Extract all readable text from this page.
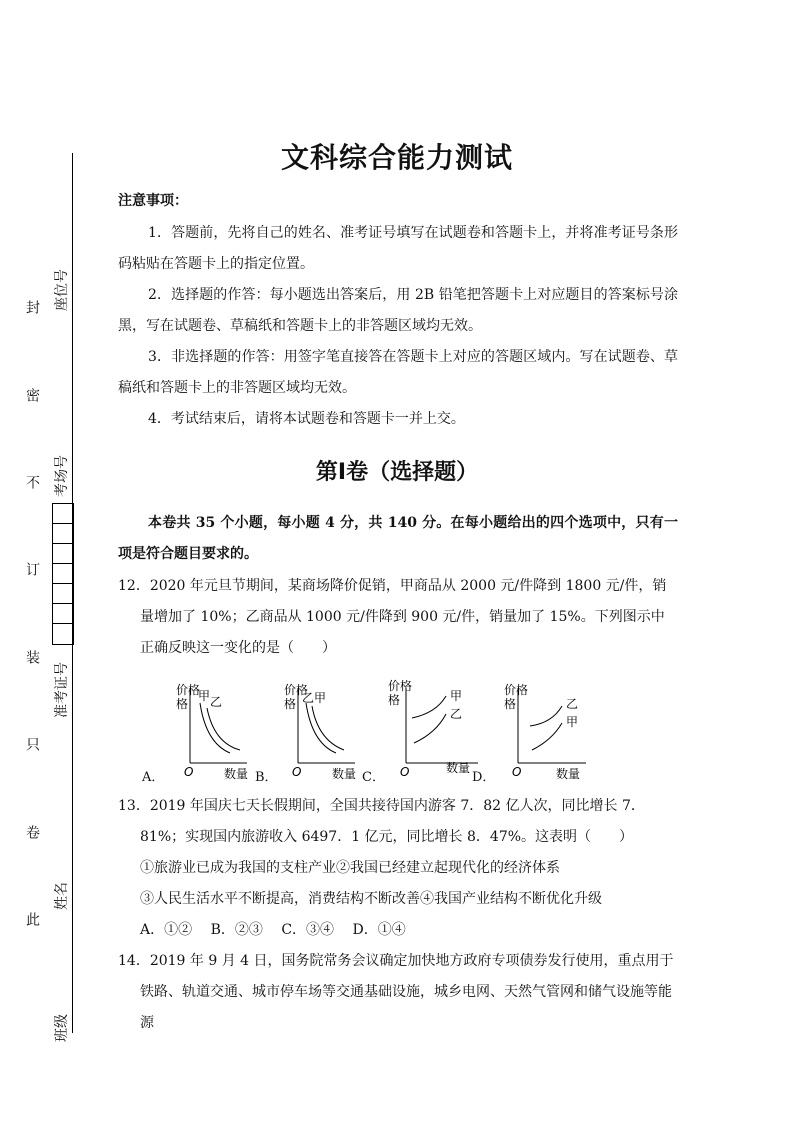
封
密
不
订
装
只
卷
此
座位号
考场号
准考证号
姓名
班级
文科综合能力测试
注意事项：
1．答题前，先将自己的姓名、准考证号填写在试题卷和答题卡上，并将准考证号条形码粘贴在答题卡上的指定位置。
2．选择题的作答：每小题选出答案后，用 2B 铅笔把答题卡上对应题目的答案标号涂黑，写在试题卷、草稿纸和答题卡上的非答题区域均无效。
3．非选择题的作答：用签字笔直接答在答题卡上对应的答题区域内。写在试题卷、草稿纸和答题卡上的非答题区域均无效。
4．考试结束后，请将本试题卷和答题卡一并上交。
第Ⅰ卷（选择题）
本卷共 35 个小题，每小题 4 分，共 140 分。在每小题给出的四个选项中，只有一项是符合题目要求的。
12．2020 年元旦节期间，某商场降价促销，甲商品从 2000 元/件降到 1800 元/件，销量增加了 10%；乙商品从 1000 元/件降到 900 元/件，销量加了 15%。下列图示中正确反映这一变化的是（　　）
价格
格
O	数量
甲 乙
价格
格
O	数量
乙 甲
价格
格
O	数量
甲
乙
价格
格
O	数量
乙
甲
A．	B．	C．	D．
13．2019 年国庆七天长假期间，全国共接待国内游客 7．82 亿人次，同比增长 7．81%；实现国内旅游收入 6497．1 亿元，同比增长 8．47%。这表明（　　）
①旅游业已成为我国的支柱产业②我国已经建立起现代化的经济体系
③人民生活水平不断提高，消费结构不断改善④我国产业结构不断优化升级
A．①② B．②③ C．③④ D．①④
14．2019 年 9 月 4 日，国务院常务会议确定加快地方政府专项债券发行使用，重点用于铁路、轨道交通、城市停车场等交通基础设施，城乡电网、天然气管网和储气设施等能源
